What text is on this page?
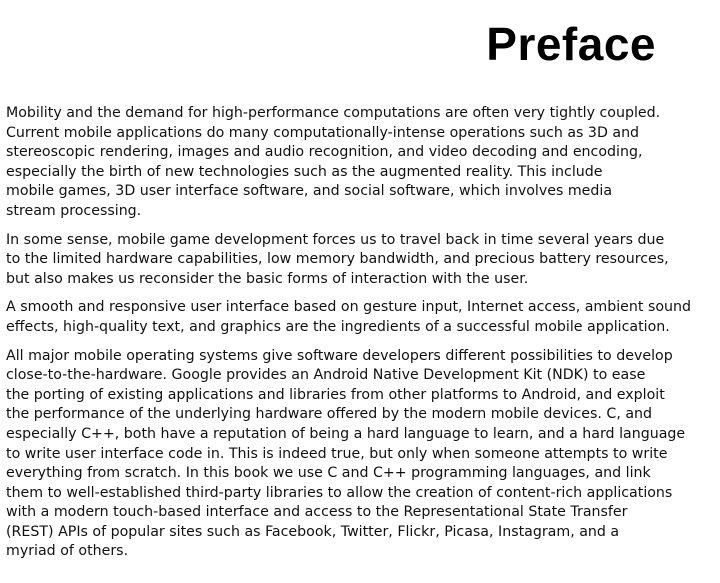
Preface

Mobility and the demand for high-performance computations are often very tightly coupled.
Current mobile applications do many computationally-intense operations such as 3D and
stereoscopic rendering, images and audio recognition, and video decoding and encoding,
especially the birth of new technologies such as the augmented reality. This include
mobile games, 3D user interface software, and social software, which involves media
stream processing.

In some sense, mobile game development forces us to travel back in time several years due
to the limited hardware capabilities, low memory bandwidth, and precious battery resources,
but also makes us reconsider the basic forms of interaction with the user.

A smooth and responsive user interface based on gesture input, Internet access, ambient sound
effects, high-quality text, and graphics are the ingredients of a successful mobile application.

All major mobile operating systems give software developers different possibilities to develop
close-to-the-hardware. Google provides an Android Native Development Kit (NDK) to ease
the porting of existing applications and libraries from other platforms to Android, and exploit
the performance of the underlying hardware offered by the modern mobile devices. C, and
especially C++, both have a reputation of being a hard language to learn, and a hard language
to write user interface code in. This is indeed true, but only when someone attempts to write
everything from scratch. In this book we use C and C++ programming languages, and link
them to well-established third-party libraries to allow the creation of content-rich applications
with a modern touch-based interface and access to the Representational State Transfer
(REST) APIs of popular sites such as Facebook, Twitter, Flickr, Picasa, Instagram, and a
myriad of others.
